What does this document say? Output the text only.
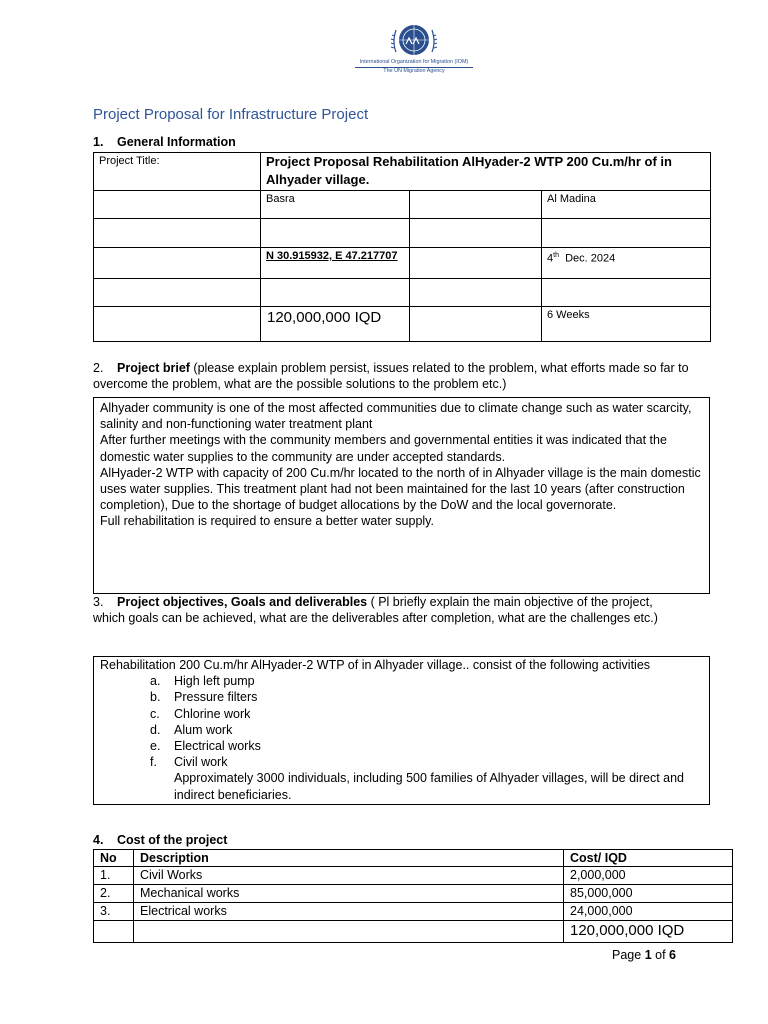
International Organization for Migration (IOM)
The UN Migration Agency
Project Proposal for Infrastructure Project
1. General Information
Project Title:	Project Proposal Rehabilitation AlHyader-2 WTP 200 Cu.m/hr of in Alhyader village.		
	Basra		Al Madina

	N 30.915932, E 47.217707		4th Dec. 2024

	120,000,000 IQD		6 Weeks
2. Project brief (please explain problem persist, issues related to the problem, what efforts made so far to overcome the problem, what are the possible solutions to the problem etc.)

Alhyader community is one of the most affected communities due to climate change such as water scarcity, salinity and non-functioning water treatment plant

After further meetings with the community members and governmental entities it was indicated that the domestic water supplies to the community are under accepted standards.

AlHyader-2 WTP with capacity of 200 Cu.m/hr located to the north of in Alhyader village is the main domestic uses water supplies. This treatment plant had not been maintained for the last 10 years (after construction completion), Due to the shortage of budget allocations by the DoW and the local governorate.

Full rehabilitation is required to ensure a better water supply.

3. Project objectives, Goals and deliverables ( Pl briefly explain the main objective of the project, which goals can be achieved, what are the deliverables after completion, what are the challenges etc.)

Rehabilitation 200 Cu.m/hr AlHyader-2 WTP of in Alhyader village.. consist of the following activities

a.	High left pump
b.	Pressure filters
c.	Chlorine work
d.	Alum work
e.	Electrical works
f.	Civil work

Approximately 3000 individuals, including 500 families of Alhyader villages, will be direct and indirect beneficiaries.

4. Cost of the project
No	Description	Cost/ IQD
1.	Civil Works	2,000,000
2.	Mechanical works	85,000,000
3.	Electrical works	24,000,000
		120,000,000 IQD
Page 1 of 6
